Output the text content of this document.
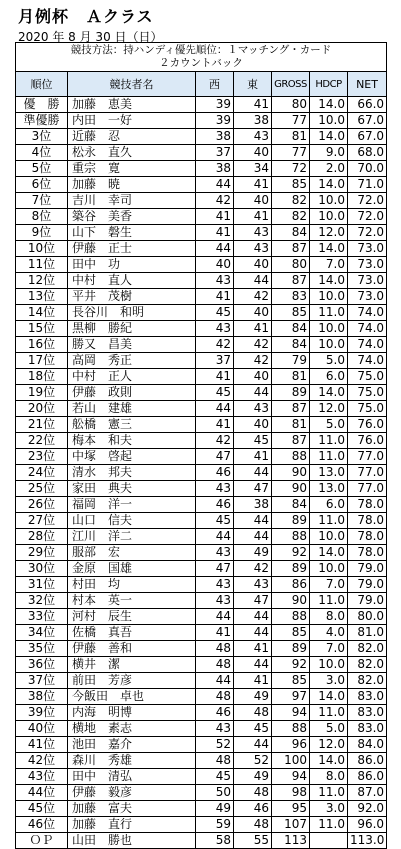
月例杯　Ａクラス
2020 年 8 月 30 日（日）
競技方法：持ハンディ優先順位：１マッチング・カード
２カウントバック						

順位	競技者名	西	東	GROSS	HDCP	NET
優　勝	加藤　恵美	39	41	80	14.0	66.0
準優勝	内田　一好	39	38	77	10.0	67.0
3位	近藤　忍	38	43	81	14.0	67.0
4位	松永　直久	37	40	77	9.0	68.0
5位	重宗　寛	38	34	72	2.0	70.0
6位	加藤　暁	44	41	85	14.0	71.0
7位	吉川　幸司	42	40	82	10.0	72.0
8位	築谷　美香	41	41	82	10.0	72.0
9位	山下　磐生	41	43	84	12.0	72.0
10位	伊藤　正士	44	43	87	14.0	73.0
11位	田中　功	40	40	80	7.0	73.0
12位	中村　直人	43	44	87	14.0	73.0
13位	平井　茂樹	41	42	83	10.0	73.0
14位	長谷川　和明	45	40	85	11.0	74.0
15位	黒柳　勝紀	43	41	84	10.0	74.0
16位	勝又　昌美	42	42	84	10.0	74.0
17位	高岡　秀正	37	42	79	5.0	74.0
18位	中村　正人	41	40	81	6.0	75.0
19位	伊藤　政則	45	44	89	14.0	75.0
20位	若山　建雄	44	43	87	12.0	75.0
21位	舩橋　憲三	41	40	81	5.0	76.0
22位	梅本　和夫	42	45	87	11.0	76.0
23位	中塚　啓起	47	41	88	11.0	77.0
24位	清水　邦夫	46	44	90	13.0	77.0
25位	家田　典夫	43	47	90	13.0	77.0
26位	福岡　洋一	46	38	84	6.0	78.0
27位	山口　信夫	45	44	89	11.0	78.0
28位	江川　洋二	44	44	88	10.0	78.0
29位	服部　宏	43	49	92	14.0	78.0
30位	金原　国雄	47	42	89	10.0	79.0
31位	村田　均	43	43	86	7.0	79.0
32位	村本　英一	43	47	90	11.0	79.0
33位	河村　辰生	44	44	88	8.0	80.0
34位	佐橋　真吾	41	44	85	4.0	81.0
35位	伊藤　善和	48	41	89	7.0	82.0
36位	横井　潔	48	44	92	10.0	82.0
37位	前田　芳彦	44	41	85	3.0	82.0
38位	今飯田　卓也	48	49	97	14.0	83.0
39位	内海　明博	46	48	94	11.0	83.0
40位	横地　素志	43	45	88	5.0	83.0
41位	池田　嘉介	52	44	96	12.0	84.0
42位	森川　秀雄	48	52	100	14.0	86.0
43位	田中　清弘	45	49	94	8.0	86.0
44位	伊藤　毅彦	50	48	98	11.0	87.0
45位	加藤　富夫	49	46	95	3.0	92.0
46位	加藤　直行	59	48	107	11.0	96.0
ＯＰ	山田　勝也	58	55	113		113.0
